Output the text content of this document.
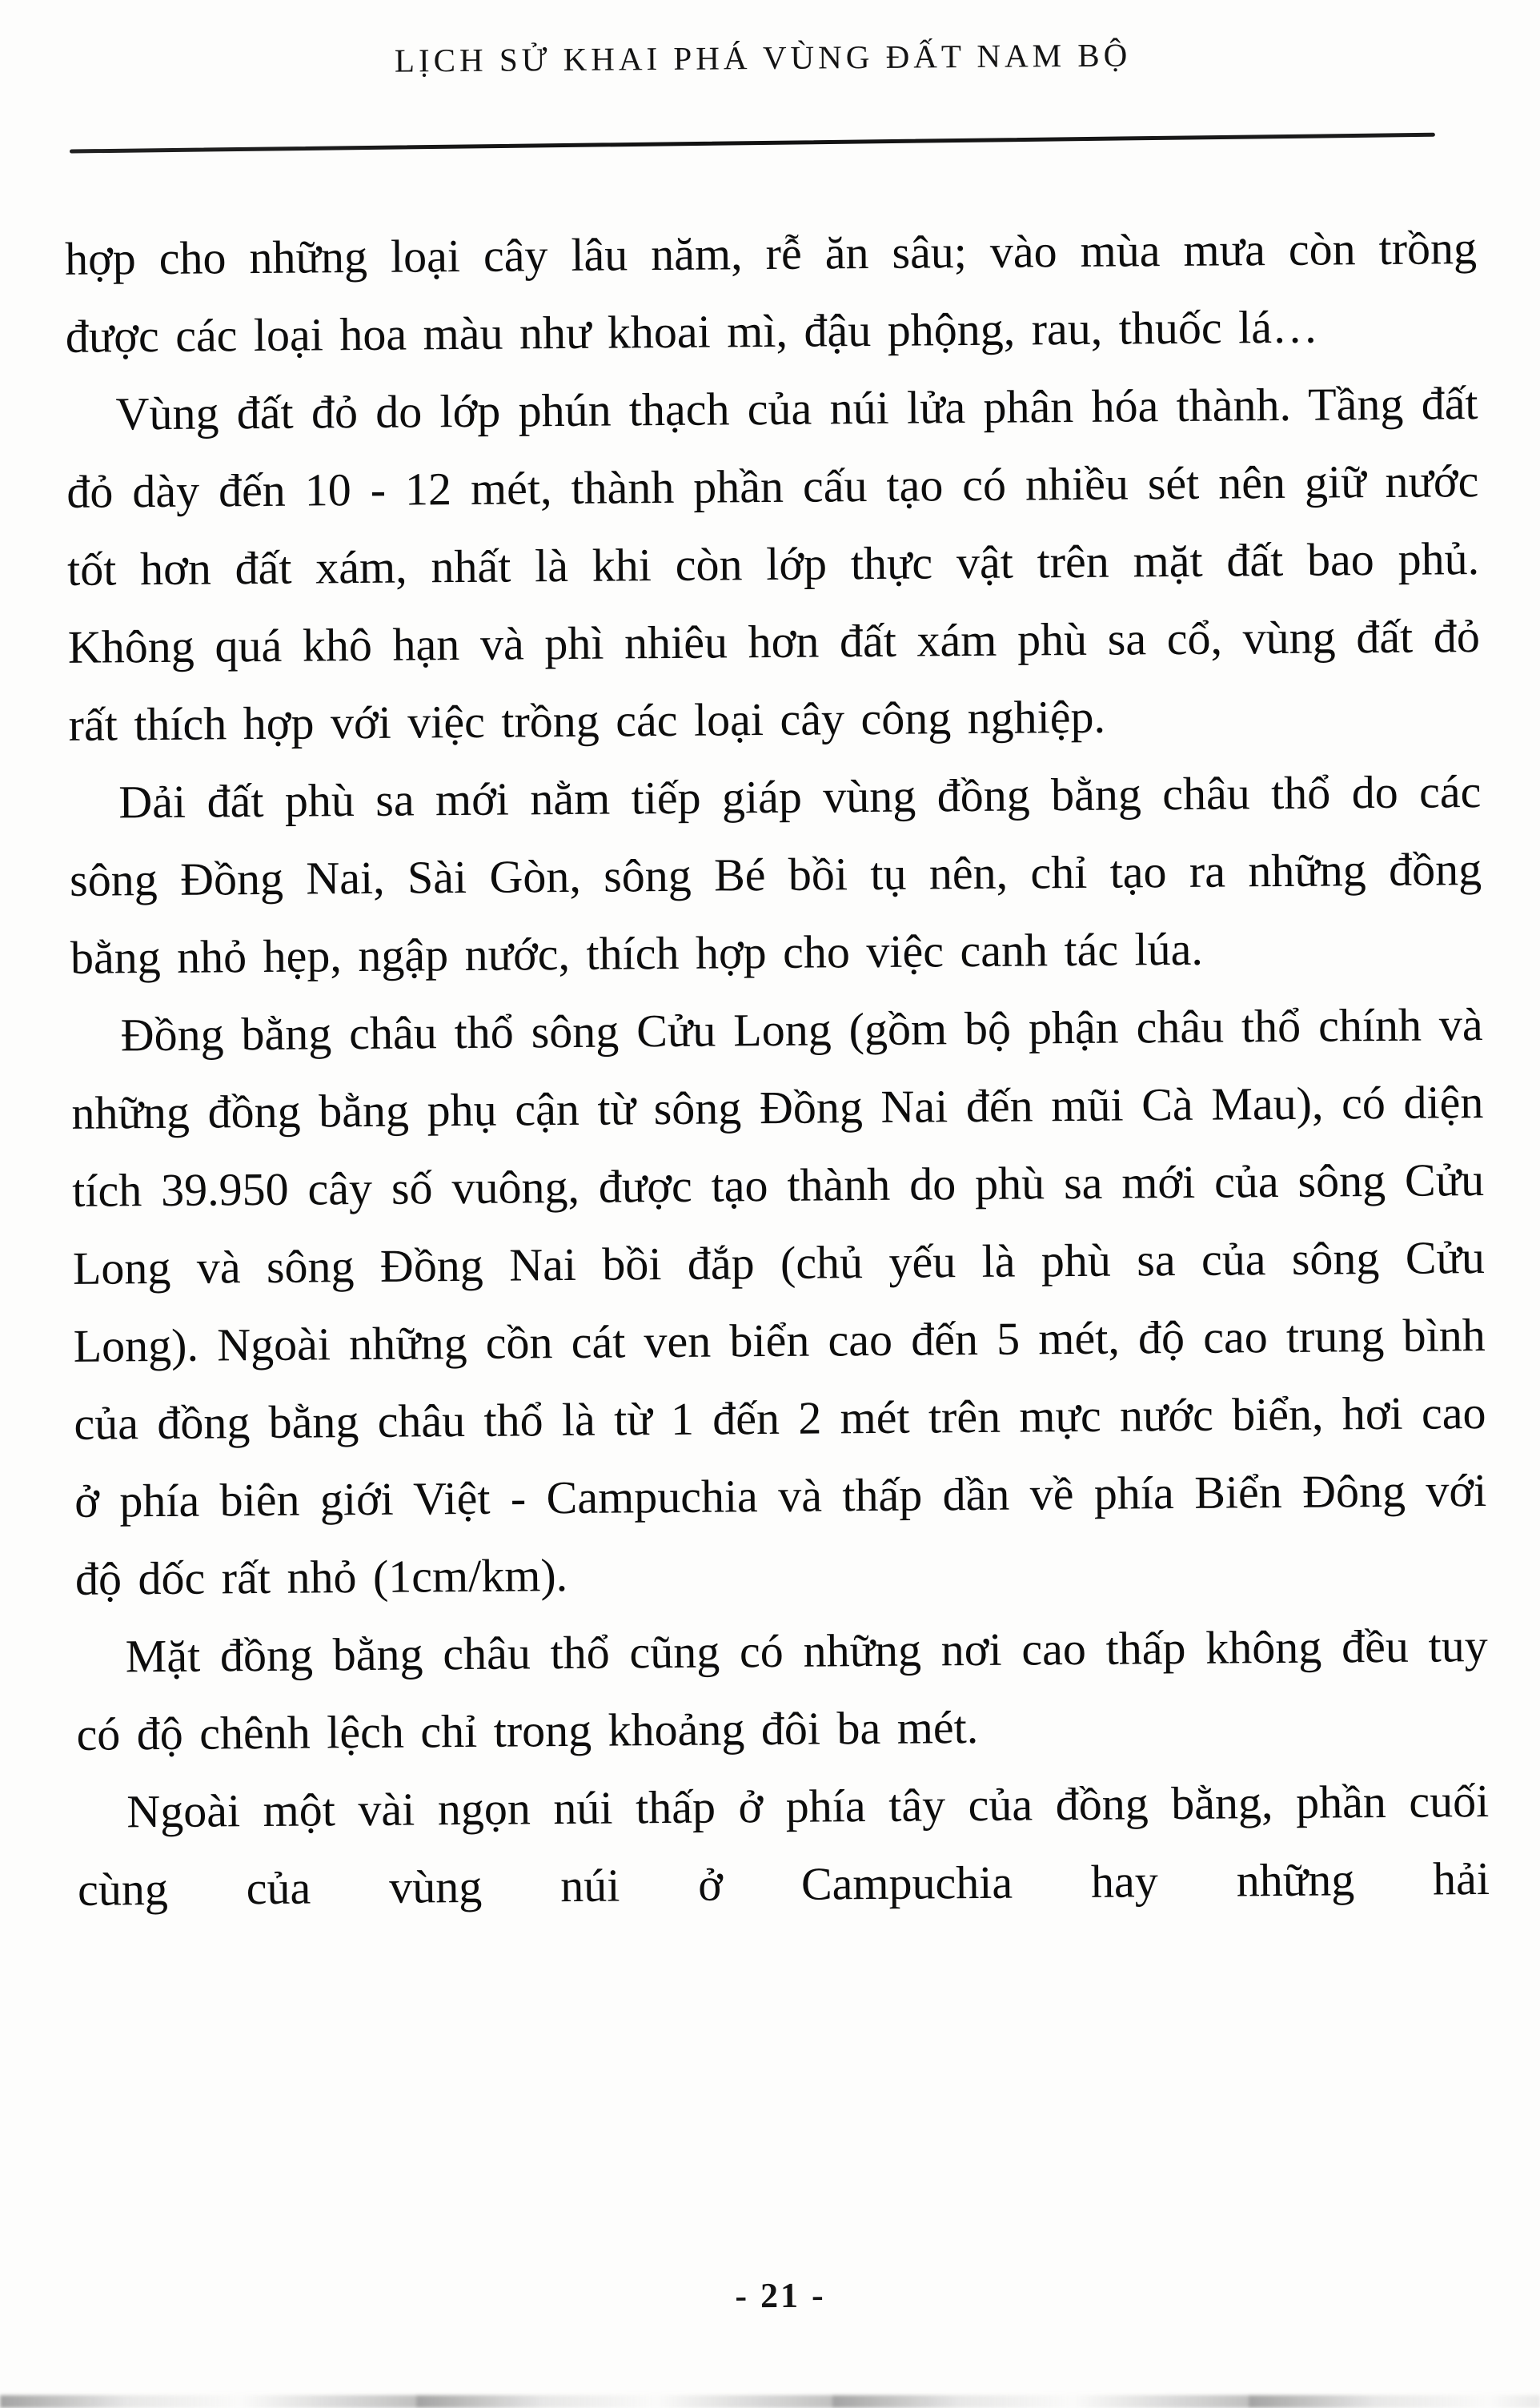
LỊCH SỬ KHAI PHÁ VÙNG ĐẤT NAM BỘ

hợp cho những loại cây lâu năm, rễ ăn sâu; vào mùa mưa còn trồng được các loại hoa màu như khoai mì, đậu phộng, rau, thuốc lá…

Vùng đất đỏ do lớp phún thạch của núi lửa phân hóa thành. Tầng đất đỏ dày đến 10 - 12 mét, thành phần cấu tạo có nhiều sét nên giữ nước tốt hơn đất xám, nhất là khi còn lớp thực vật trên mặt đất bao phủ. Không quá khô hạn và phì nhiêu hơn đất xám phù sa cổ, vùng đất đỏ rất thích hợp với việc trồng các loại cây công nghiệp.

Dải đất phù sa mới nằm tiếp giáp vùng đồng bằng châu thổ do các sông Đồng Nai, Sài Gòn, sông Bé bồi tụ nên, chỉ tạo ra những đồng bằng nhỏ hẹp, ngập nước, thích hợp cho việc canh tác lúa.

Đồng bằng châu thổ sông Cửu Long (gồm bộ phận châu thổ chính và những đồng bằng phụ cận từ sông Đồng Nai đến mũi Cà Mau), có diện tích 39.950 cây số vuông, được tạo thành do phù sa mới của sông Cửu Long và sông Đồng Nai bồi đắp (chủ yếu là phù sa của sông Cửu Long). Ngoài những cồn cát ven biển cao đến 5 mét, độ cao trung bình của đồng bằng châu thổ là từ 1 đến 2 mét trên mực nước biển, hơi cao ở phía biên giới Việt - Campuchia và thấp dần về phía Biển Đông với độ dốc rất nhỏ (1cm/km).

Mặt đồng bằng châu thổ cũng có những nơi cao thấp không đều tuy có độ chênh lệch chỉ trong khoảng đôi ba mét.

Ngoài một vài ngọn núi thấp ở phía tây của đồng bằng, phần cuối cùng của vùng núi ở Campuchia hay những hải

- 21 -
